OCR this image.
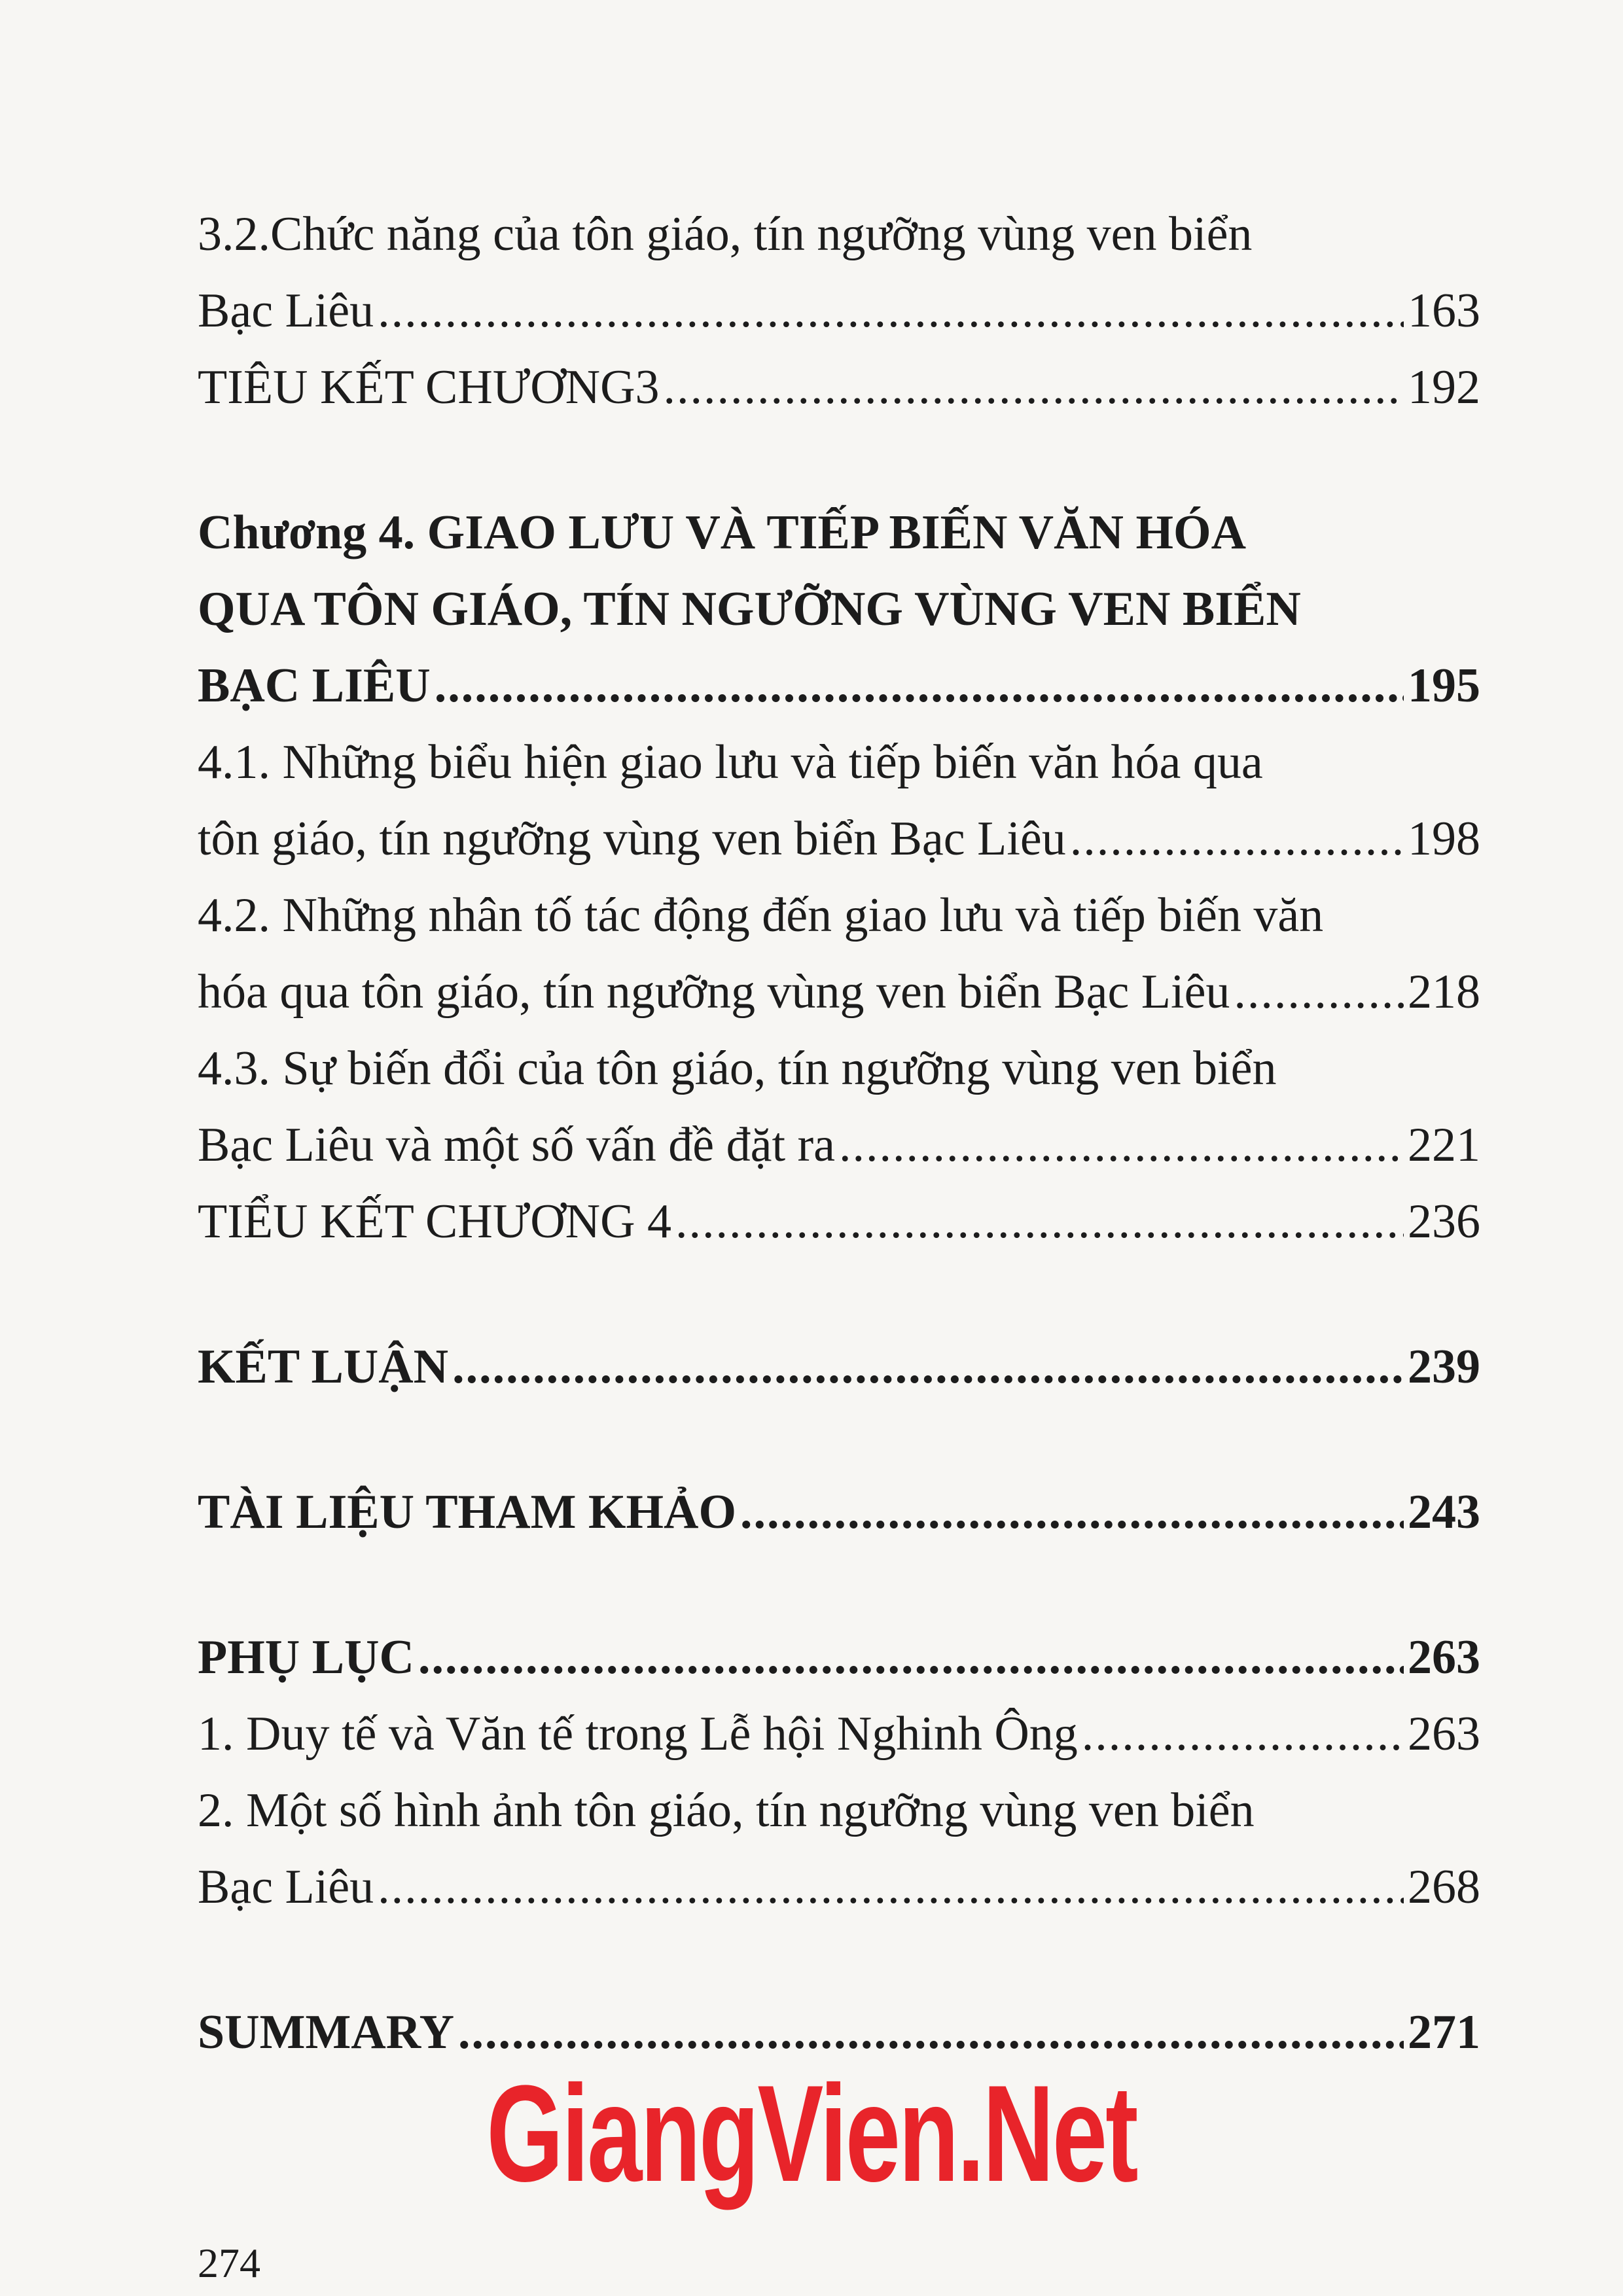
3.2.Chức năng của tôn giáo, tín ngưỡng vùng ven biển
Bạc Liêu .....	163
TIÊU KẾT CHƯƠNG3 .....	192
Chương 4. GIAO LƯU VÀ TIẾP BIẾN VĂN HÓA
QUA TÔN GIÁO, TÍN NGƯỠNG VÙNG VEN BIỂN
BẠC LIÊU .....	195
4.1. Những biểu hiện giao lưu và tiếp biến văn hóa qua
tôn giáo, tín ngưỡng vùng ven biển Bạc Liêu .....	198
4.2. Những nhân tố tác động đến giao lưu và tiếp biến văn
hóa qua tôn giáo, tín ngưỡng vùng ven biển Bạc Liêu .....	218
4.3. Sự biến đổi của tôn giáo, tín ngưỡng vùng ven biển
Bạc Liêu và một số vấn đề đặt ra .....	221
TIỂU KẾT CHƯƠNG 4 .....	236
KẾT LUẬN .....	239
TÀI LIỆU THAM KHẢO .....	243
PHỤ LỤC .....	263
1. Duy tế và Văn tế trong Lễ hội Nghinh Ông .....	263
2. Một số hình ảnh tôn giáo, tín ngưỡng vùng ven biển
Bạc Liêu .....	268
SUMMARY .....	271
GiangVien.Net
274
